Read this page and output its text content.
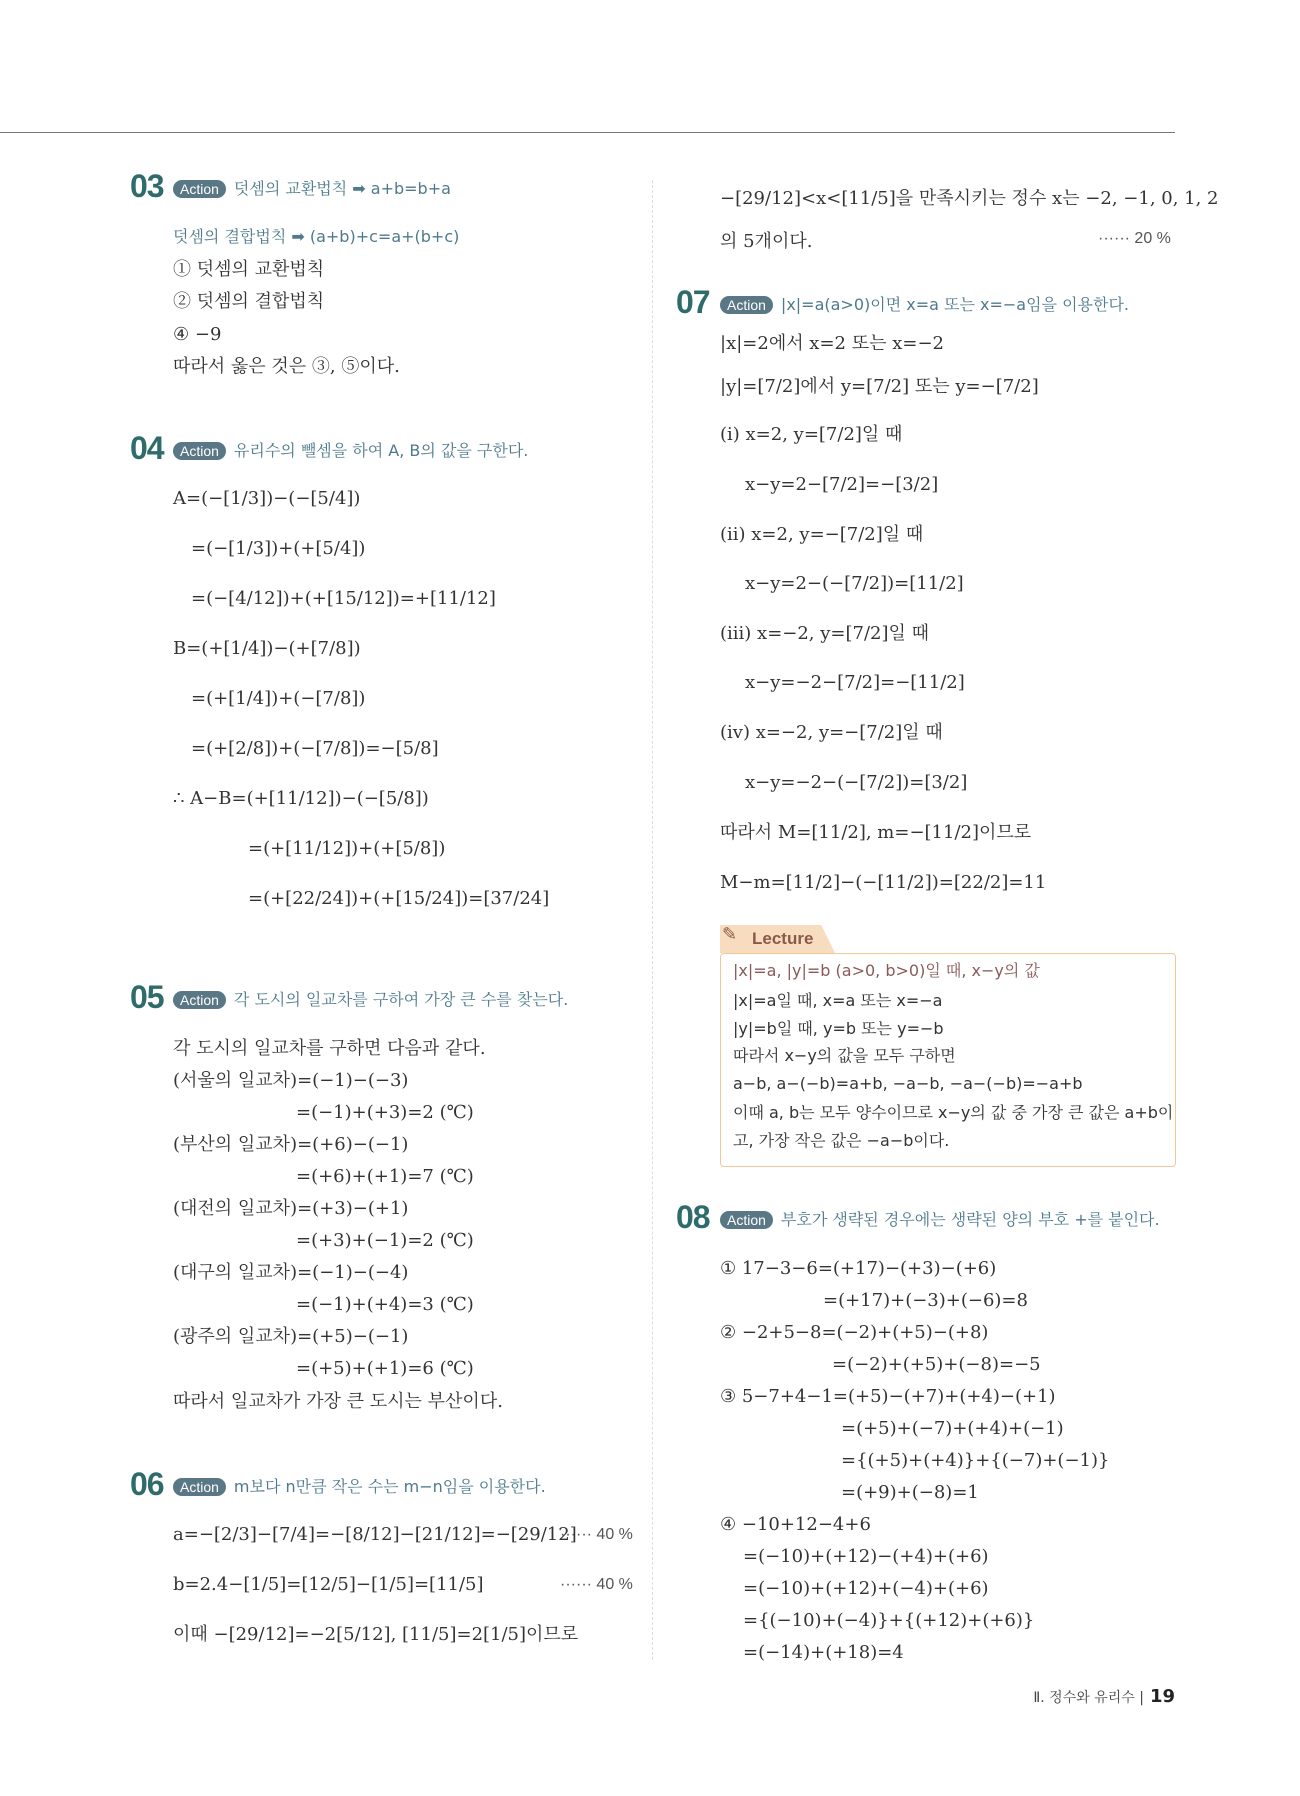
03	Action 덧셈의 교환법칙 ➡ a+b=b+a
덧셈의 결합법칙 ➡ (a+b)+c=a+(b+c)
① 덧셈의 교환법칙
② 덧셈의 결합법칙
④ −9
따라서 옳은 것은 ③, ⑤이다.
04	Action 유리수의 뺄셈을 하여 A, B의 값을 구한다.
A=(−[1/3])−(−[5/4])
=(−[1/3])+(+[5/4])
=(−[4/12])+(+[15/12])=+[11/12]
B=(+[1/4])−(+[7/8])
=(+[1/4])+(−[7/8])
=(+[2/8])+(−[7/8])=−[5/8]
∴ A−B=(+[11/12])−(−[5/8])
=(+[11/12])+(+[5/8])
=(+[22/24])+(+[15/24])=[37/24]
05	Action 각 도시의 일교차를 구하여 가장 큰 수를 찾는다.
각 도시의 일교차를 구하면 다음과 같다.
(서울의 일교차)=(−1)−(−3)
=(−1)+(+3)=2 (℃)
(부산의 일교차)=(+6)−(−1)
=(+6)+(+1)=7 (℃)
(대전의 일교차)=(+3)−(+1)
=(+3)+(−1)=2 (℃)
(대구의 일교차)=(−1)−(−4)
=(−1)+(+4)=3 (℃)
(광주의 일교차)=(+5)−(−1)
=(+5)+(+1)=6 (℃)
따라서 일교차가 가장 큰 도시는 부산이다.
06	Action m보다 n만큼 작은 수는 m−n임을 이용한다.
a=−[2/3]−[7/4]=−[8/12]−[21/12]=−[29/12]
b=2.4−[1/5]=[12/5]−[1/5]=[11/5]
이때 −[29/12]=−2[5/12], [11/5]=2[1/5]이므로
07	Action |x|=a(a>0)이면 x=a 또는 x=−a임을 이용한다.
|x|=2에서 x=2 또는 x=−2
|y|=[7/2]에서 y=[7/2] 또는 y=−[7/2]
(ⅰ) x=2, y=[7/2]일 때
x−y=2−[7/2]=−[3/2]
(ⅱ) x=2, y=−[7/2]일 때
x−y=2−(−[7/2])=[11/2]
(ⅲ) x=−2, y=[7/2]일 때
x−y=−2−[7/2]=−[11/2]
(ⅳ) x=−2, y=−[7/2]일 때
x−y=−2−(−[7/2])=[3/2]
따라서 M=[11/2], m=−[11/2]이므로
M−m=[11/2]−(−[11/2])=[22/2]=11
08	Action 부호가 생략된 경우에는 생략된 양의 부호 +를 붙인다.
① 17−3−6=(+17)−(+3)−(+6)
=(+17)+(−3)+(−6)=8
② −2+5−8=(−2)+(+5)−(+8)
=(−2)+(+5)+(−8)=−5
③ 5−7+4−1=(+5)−(+7)+(+4)−(+1)
=(+5)+(−7)+(+4)+(−1)
={(+5)+(+4)}+{(−7)+(−1)}
=(+9)+(−8)=1
④ −10+12−4+6
=(−10)+(+12)−(+4)+(+6)
=(−10)+(+12)+(−4)+(+6)
={(−10)+(−4)}+{(+12)+(+6)}
=(−14)+(+18)=4
······ 40 %
······ 40 %
−[29/12]<x<[11/5]을 만족시키는 정수 x는 −2, −1, 0, 1, 2
의 5개이다.	······ 20 %
|x|=a, |y|=b (a>0, b>0)일 때, x−y의 값
|x|=a일 때, x=a 또는 x=−a
|y|=b일 때, y=b 또는 y=−b
따라서 x−y의 값을 모두 구하면
a−b, a−(−b)=a+b, −a−b, −a−(−b)=−a+b
이때 a, b는 모두 양수이므로 x−y의 값 중 가장 큰 값은 a+b이
고, 가장 작은 값은 −a−b이다.
✎ Lecture
Ⅱ. 정수와 유리수 | 19
